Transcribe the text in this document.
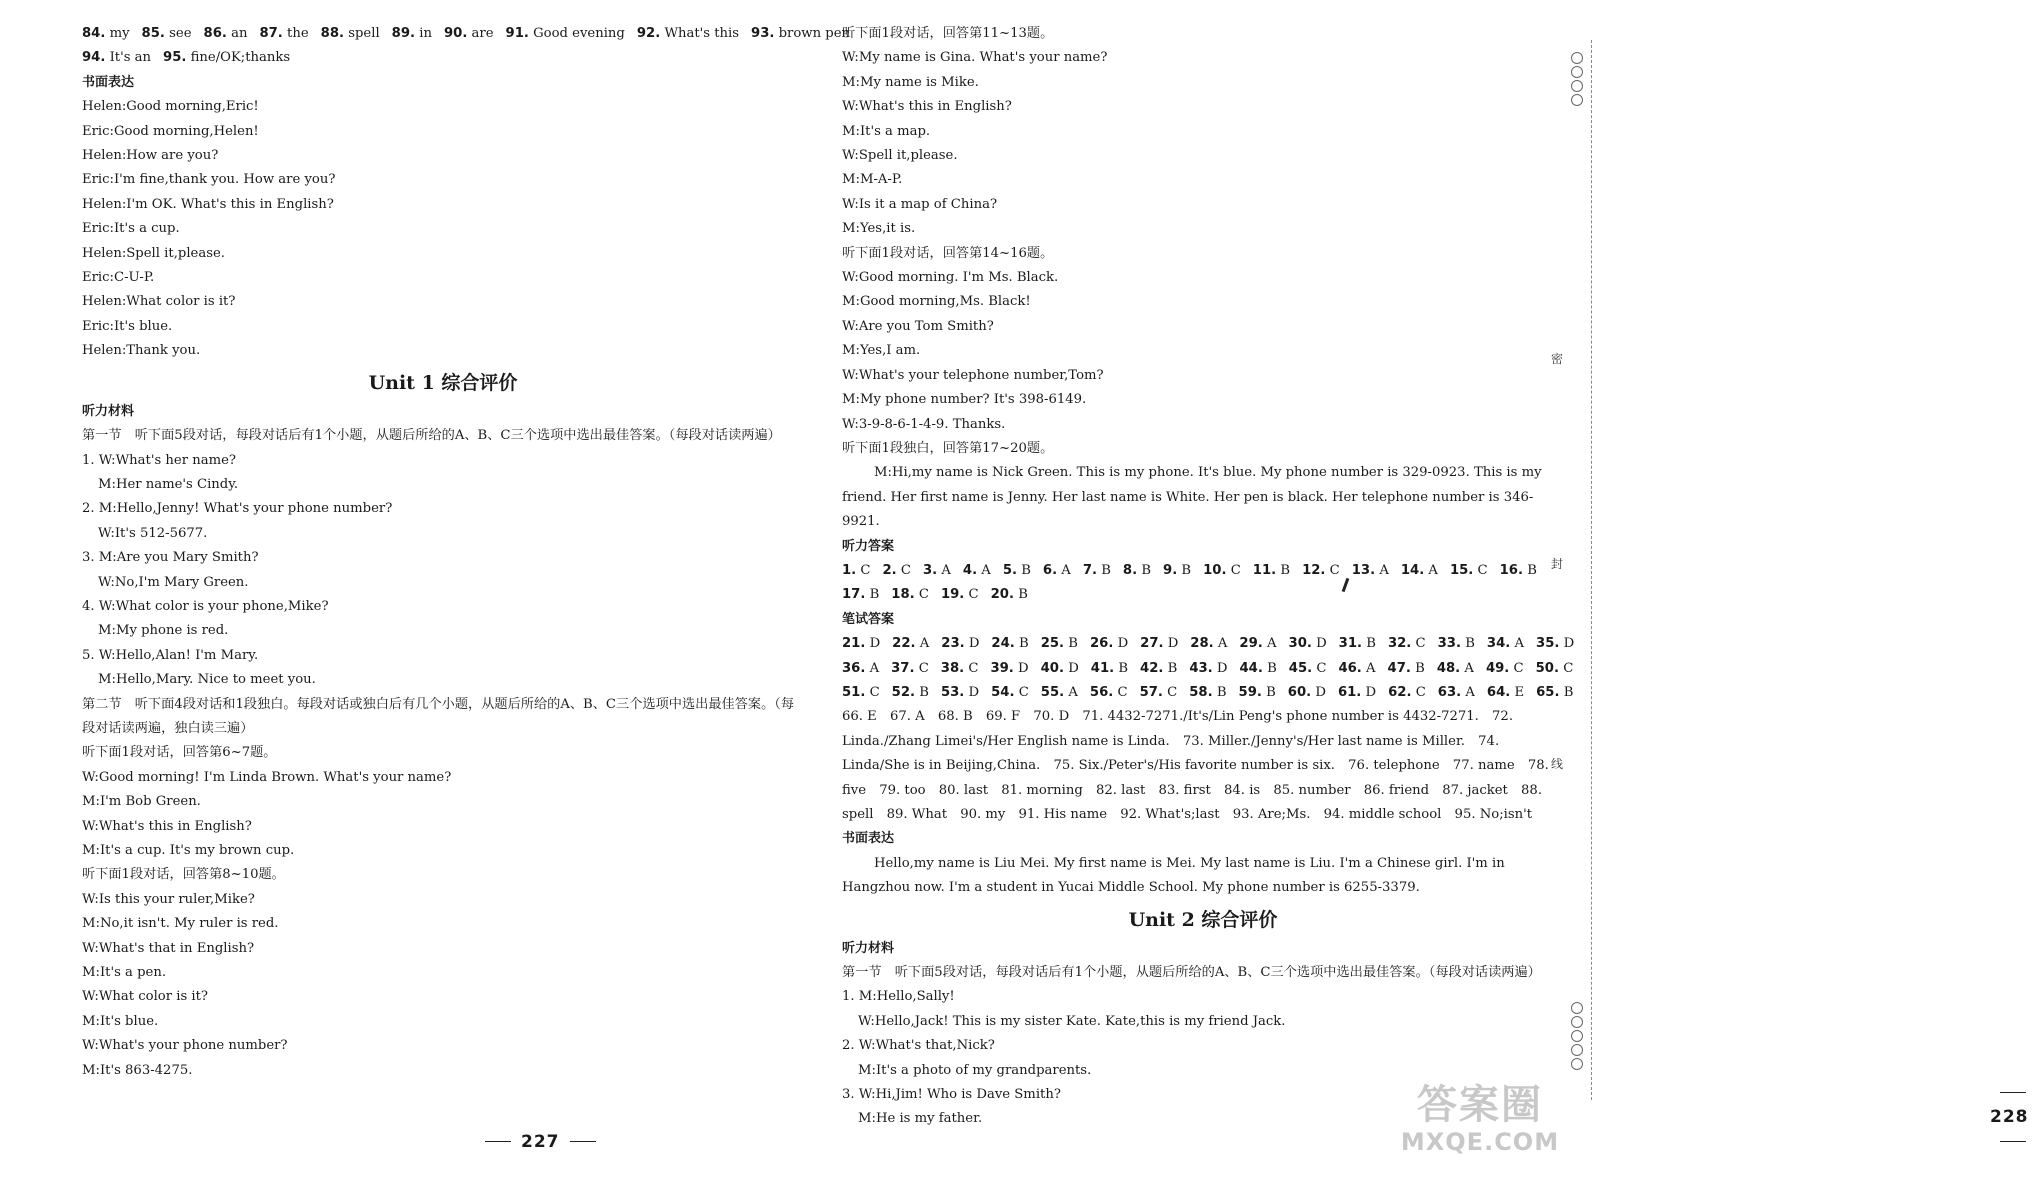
84. my 85. see 86. an 87. the 88. spell 89. in 90. are 91. Good evening 92. What's this 93. brown pen
94. It's an 95. fine/OK;thanks
书面表达
Helen:Good morning,Eric!
Eric:Good morning,Helen!
Helen:How are you?
Eric:I'm fine,thank you. How are you?
Helen:I'm OK. What's this in English?
Eric:It's a cup.
Helen:Spell it,please.
Eric:C-U-P.
Helen:What color is it?
Eric:It's blue.
Helen:Thank you.
Unit 1 综合评价
听力材料
第一节　听下面5段对话，每段对话后有1个小题，从题后所给的A、B、C三个选项中选出最佳答案。（每段对话读两遍）
1. W:What's her name?
M:Her name's Cindy.
2. M:Hello,Jenny! What's your phone number?
W:It's 512-5677.
3. M:Are you Mary Smith?
W:No,I'm Mary Green.
4. W:What color is your phone,Mike?
M:My phone is red.
5. W:Hello,Alan! I'm Mary.
M:Hello,Mary. Nice to meet you.
第二节　听下面4段对话和1段独白。每段对话或独白后有几个小题，从题后所给的A、B、C三个选项中选出最佳答案。（每段对话读两遍，独白读三遍）
听下面1段对话，回答第6~7题。
W:Good morning! I'm Linda Brown. What's your name?
M:I'm Bob Green.
W:What's this in English?
M:It's a cup. It's my brown cup.
听下面1段对话，回答第8~10题。
W:Is this your ruler,Mike?
M:No,it isn't. My ruler is red.
W:What's that in English?
M:It's a pen.
W:What color is it?
M:It's blue.
W:What's your phone number?
M:It's 863-4275.
227
听下面1段对话，回答第11~13题。
W:My name is Gina. What's your name?
M:My name is Mike.
W:What's this in English?
M:It's a map.
W:Spell it,please.
M:M-A-P.
W:Is it a map of China?
M:Yes,it is.
听下面1段对话，回答第14~16题。
W:Good morning. I'm Ms. Black.
M:Good morning,Ms. Black!
W:Are you Tom Smith?
M:Yes,I am.
W:What's your telephone number,Tom?
M:My phone number? It's 398-6149.
W:3-9-8-6-1-4-9. Thanks.
听下面1段独白，回答第17~20题。
M:Hi,my name is Nick Green. This is my phone. It's blue. My phone number is 329-0923. This is my friend. Her first name is Jenny. Her last name is White. Her pen is black. Her telephone number is 346-9921.
听力答案
1. C 2. C 3. A 4. A 5. B 6. A 7. B 8. B 9. B 10. C 11. B 12. C 13. A 14. A 15. C 16. B
17. B 18. C 19. C 20. B
笔试答案
21. D 22. A 23. D 24. B 25. B 26. D 27. D 28. A 29. A 30. D 31. B 32. C 33. B 34. A 35. D
36. A 37. C 38. C 39. D 40. D 41. B 42. B 43. D 44. B 45. C 46. A 47. B 48. A 49. C 50. C
51. C 52. B 53. D 54. C 55. A 56. C 57. C 58. B 59. B 60. D 61. D 62. C 63. A 64. E 65. B
66. E　67. A　68. B　69. F　70. D　71. 4432-7271./It's/Lin Peng's phone number is 4432-7271.　72. Linda./Zhang Limei's/Her English name is Linda.　73. Miller./Jenny's/Her last name is Miller.　74. Linda/She is in Beijing,China.　75. Six./Peter's/His favorite number is six.　76. telephone　77. name　78. five　79. too　80. last　81. morning　82. last　83. first　84. is　85. number　86. friend　87. jacket　88. spell　89. What　90. my　91. His name　92. What's;last　93. Are;Ms.　94. middle school　95. No;isn't
书面表达
Hello,my name is Liu Mei. My first name is Mei. My last name is Liu. I'm a Chinese girl. I'm in Hangzhou now. I'm a student in Yucai Middle School. My phone number is 6255-3379.
Unit 2 综合评价
听力材料
第一节　听下面5段对话，每段对话后有1个小题，从题后所给的A、B、C三个选项中选出最佳答案。（每段对话读两遍）
1. M:Hello,Sally!
W:Hello,Jack! This is my sister Kate. Kate,this is my friend Jack.
2. W:What's that,Nick?
M:It's a photo of my grandparents.
3. W:Hi,Jim! Who is Dave Smith?
M:He is my father.	228
密
封
线
答案圈
MXQE.COM
